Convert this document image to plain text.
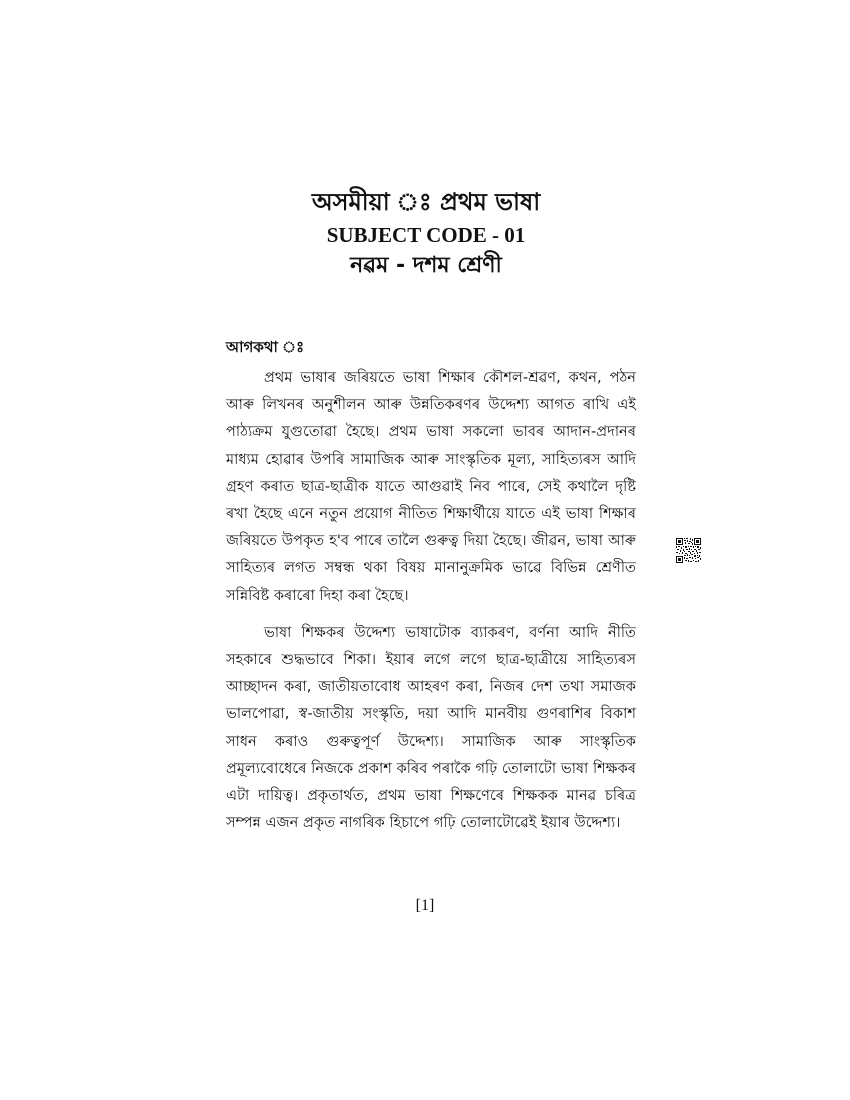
অসমীয়া ঃ প্ৰথম ভাষা
SUBJECT CODE - 01
নৱম - দশম শ্ৰেণী
আগকথা ঃ

প্ৰথম ভাষাৰ জৰিয়তে ভাষা শিক্ষাৰ কৌশল-শ্ৰৱণ, কথন, পঠন আৰু লিখনৰ অনুশীলন আৰু উন্নতিকৰণৰ উদ্দেশ্য আগত ৰাখি এই পাঠ্যক্ৰম যুগুতোৱা হৈছে। প্ৰথম ভাষা সকলো ভাবৰ আদান-প্ৰদানৰ মাধ্যম হোৱাৰ উপৰি সামাজিক আৰু সাংস্কৃতিক মূল্য, সাহিত্যৰস আদি গ্ৰহণ কৰাত ছাত্ৰ-ছাত্ৰীক যাতে আগুৱাই নিব পাৰে, সেই কথালৈ দৃষ্টি ৰখা হৈছে এনে নতুন প্ৰয়োগ নীতিত শিক্ষাৰ্থীয়ে যাতে এই ভাষা শিক্ষাৰ জৰিয়তে উপকৃত হ'ব পাৰে তালৈ গুৰুত্ব দিয়া হৈছে। জীৱন, ভাষা আৰু সাহিত্যৰ লগত সম্বন্ধ থকা বিষয় মানানুক্ৰমিক ভাৱে বিভিন্ন শ্ৰেণীত সন্নিবিষ্ট কৰাৰো দিহা কৰা হৈছে।

ভাষা শিক্ষকৰ উদ্দেশ্য ভাষাটোক ব্যাকৰণ, বৰ্ণনা আদি নীতি সহকাৰে শুদ্ধভাবে শিকা। ইয়াৰ লগে লগে ছাত্ৰ-ছাত্ৰীয়ে সাহিত্যৰস আচ্ছাদন কৰা, জাতীয়তাবোধ আহৰণ কৰা, নিজৰ দেশ তথা সমাজক ভালপোৱা, স্ব-জাতীয় সংস্কৃতি, দয়া আদি মানবীয় গুণৰাশিৰ বিকাশ সাধন কৰাও গুৰুত্বপূৰ্ণ উদ্দেশ্য। সামাজিক আৰু সাংস্কৃতিক প্ৰমূল্যবোধেৰে নিজকে প্ৰকাশ কৰিব পৰাকৈ গঢ়ি তোলাটো ভাষা শিক্ষকৰ এটা দায়িত্ব। প্ৰকৃতাৰ্থত, প্ৰথম ভাষা শিক্ষণেৰে শিক্ষকক মানৱ চৰিত্ৰ সম্পন্ন এজন প্ৰকৃত নাগৰিক হিচাপে গঢ়ি তোলাটোৱেই ইয়াৰ উদ্দেশ্য।

[1]
